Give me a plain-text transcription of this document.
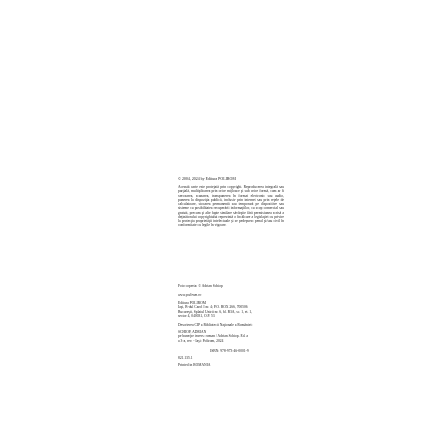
© 2004, 2024 by Editura POLIROM
Această carte este protejată prin copyright. Reproducerea integrală sau parţială, multiplicarea prin orice mijloace şi sub orice formă, cum ar fi xeroxarea, scanarea, transpunerea în format electronic sau audio, punerea la dispoziţia publică, inclusiv prin internet sau prin reţele de calculatoare, stocarea permanentă sau temporară pe dispozitive sau sisteme cu posibilitatea recuperării informaţiilor, cu scop comercial sau gratuit, precum şi alte fapte similare săvârşite fără permisiunea scrisă a deţinătorului copyrightului reprezintă o încălcare a legislaţiei cu privire la protecţia proprietăţii intelectuale şi se pedepsesc penal şi/sau civil în conformitate cu legile în vigoare.
Foto coperta: © Adrian Schiop
www.polirom.ro
Editura POLIROM
Iaşi, B-dul Carol I nr. 4; P.O. BOX 266, 700506
Bucureşti, Splaiul Unirii nr. 6, bl. B3A, sc. 1, et. 1,
sector 4, 040031, O.P. 53
Descrierea CIP a Bibliotecii Naţionale a României:
SCHIOP, ADRIAN
pe bune/pe invers: roman / Adrian Schiop. Ed. a
a 3-a, rev. - Iaşi: Polirom, 2024
ISBN: 978-973-46-0001-9
821.135.1
Printed in ROMANIA
